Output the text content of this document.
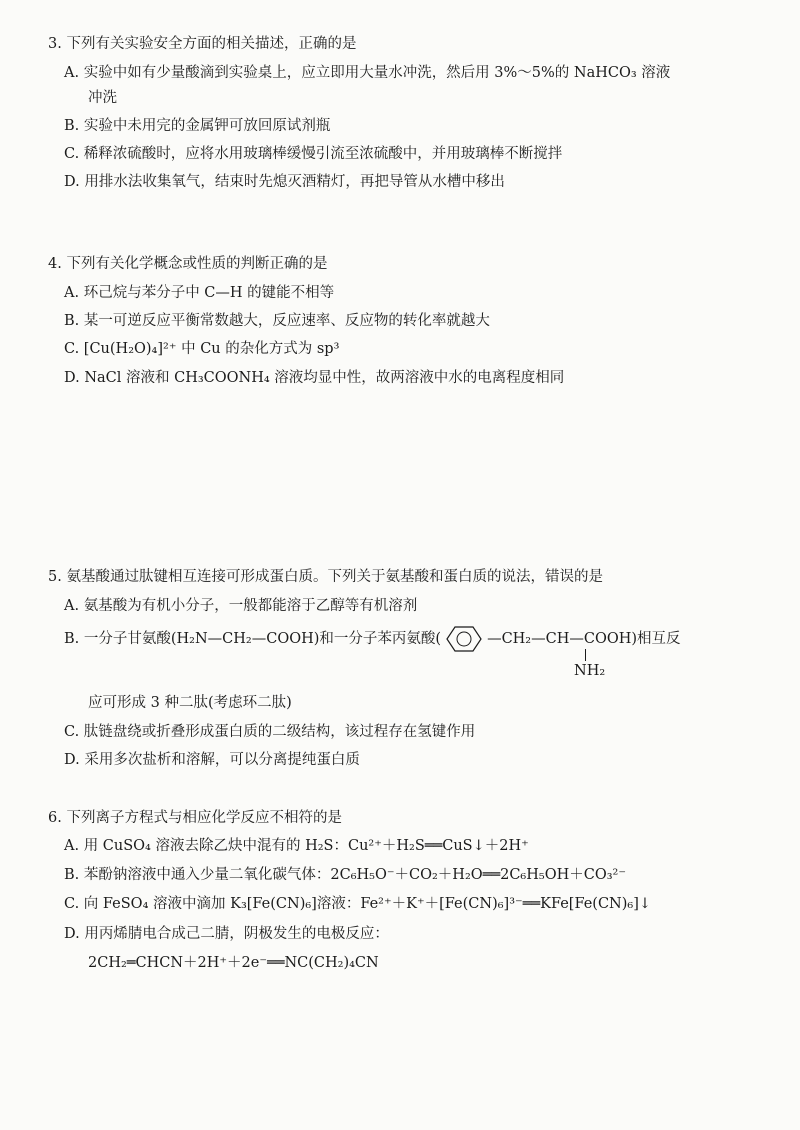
3. 下列有关实验安全方面的相关描述，正确的是
A. 实验中如有少量酸滴到实验桌上，应立即用大量水冲洗，然后用 3%～5%的 NaHCO₃ 溶液
冲洗
B. 实验中未用完的金属钾可放回原试剂瓶
C. 稀释浓硫酸时，应将水用玻璃棒缓慢引流至浓硫酸中，并用玻璃棒不断搅拌
D. 用排水法收集氧气，结束时先熄灭酒精灯，再把导管从水槽中移出
4. 下列有关化学概念或性质的判断正确的是
A. 环己烷与苯分子中 C—H 的键能不相等
B. 某一可逆反应平衡常数越大，反应速率、反应物的转化率就越大
C. [Cu(H₂O)₄]²⁺ 中 Cu 的杂化方式为 sp³
D. NaCl 溶液和 CH₃COONH₄ 溶液均显中性，故两溶液中水的电离程度相同
5. 氨基酸通过肽键相互连接可形成蛋白质。下列关于氨基酸和蛋白质的说法，错误的是
A. 氨基酸为有机小分子，一般都能溶于乙醇等有机溶剂
B. 一分子甘氨酸(H₂N—CH₂—COOH)和一分子苯丙氨酸(	—CH₂—CH—COOH)相互反
NH₂
应可形成 3 种二肽(考虑环二肽)
C. 肽链盘绕或折叠形成蛋白质的二级结构，该过程存在氢键作用
D. 采用多次盐析和溶解，可以分离提纯蛋白质
6. 下列离子方程式与相应化学反应不相符的是
A. 用 CuSO₄ 溶液去除乙炔中混有的 H₂S：Cu²⁺＋H₂S══CuS↓＋2H⁺
B. 苯酚钠溶液中通入少量二氧化碳气体：2C₆H₅O⁻＋CO₂＋H₂O══2C₆H₅OH＋CO₃²⁻
C. 向 FeSO₄ 溶液中滴加 K₃[Fe(CN)₆]溶液：Fe²⁺＋K⁺＋[Fe(CN)₆]³⁻══KFe[Fe(CN)₆]↓
D. 用丙烯腈电合成己二腈，阴极发生的电极反应：
2CH₂═CHCN＋2H⁺＋2e⁻══NC(CH₂)₄CN
